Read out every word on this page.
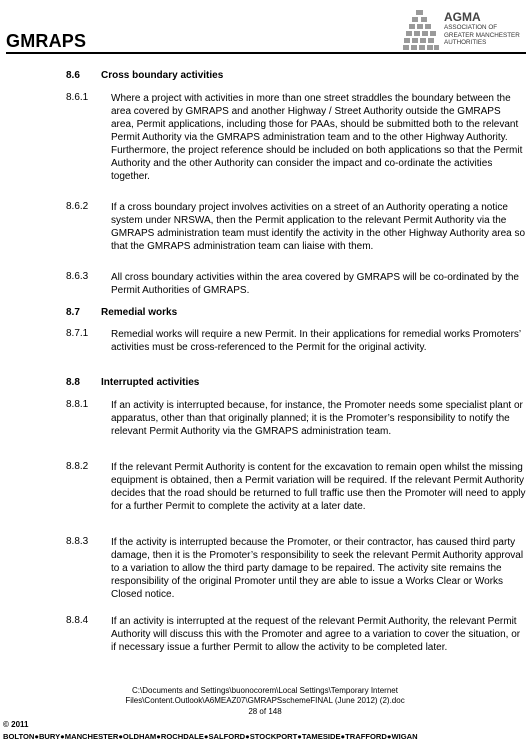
GMRAPS
AGMA
ASSOCIATION OF
GREATER MANCHESTER
AUTHORITIES
8.6 Cross boundary activities
8.6.1 Where a project with activities in more than one street straddles the boundary between the area covered by GMRAPS and another Highway / Street Authority outside the GMRAPS area, Permit applications, including those for PAAs, should be submitted both to the relevant Permit Authority via the GMRAPS administration team and to the other Highway Authority. Furthermore, the project reference should be included on both applications so that the Permit Authority and the other Authority can consider the impact and co-ordinate the activities together.
8.6.2 If a cross boundary project involves activities on a street of an Authority operating a notice system under NRSWA, then the Permit application to the relevant Permit Authority via the GMRAPS administration team must identify the activity in the other Highway Authority area so that the GMRAPS administration team can liaise with them.
8.6.3 All cross boundary activities within the area covered by GMRAPS will be co-ordinated by the Permit Authorities of GMRAPS.
8.7 Remedial works
8.7.1 Remedial works will require a new Permit. In their applications for remedial works Promoters’ activities must be cross-referenced to the Permit for the original activity.
8.8 Interrupted activities
8.8.1 If an activity is interrupted because, for instance, the Promoter needs some specialist plant or apparatus, other than that originally planned; it is the Promoter’s responsibility to notify the relevant Permit Authority via the GMRAPS administration team.
8.8.2 If the relevant Permit Authority is content for the excavation to remain open whilst the missing equipment is obtained, then a Permit variation will be required. If the relevant Permit Authority decides that the road should be returned to full traffic use then the Promoter will need to apply for a further Permit to complete the activity at a later date.
8.8.3 If the activity is interrupted because the Promoter, or their contractor, has caused third party damage, then it is the Promoter’s responsibility to seek the relevant Permit Authority approval to a variation to allow the third party damage to be repaired. The activity site remains the responsibility of the original Promoter until they are able to issue a Works Clear or Works Closed notice.
8.8.4 If an activity is interrupted at the request of the relevant Permit Authority, the relevant Permit Authority will discuss this with the Promoter and agree to a variation to cover the situation, or if necessary issue a further Permit to allow the activity to be completed later.
C:\Documents and Settings\buonocorem\Local Settings\Temporary Internet
Files\Content.Outlook\A6MEAZ07\GMRAPSschemeFINAL (June 2012) (2).doc
28 of 148
© 2011
BOLTON●BURY●MANCHESTER●OLDHAM●ROCHDALE●SALFORD●STOCKPORT●TAMESIDE●TRAFFORD●WIGAN
